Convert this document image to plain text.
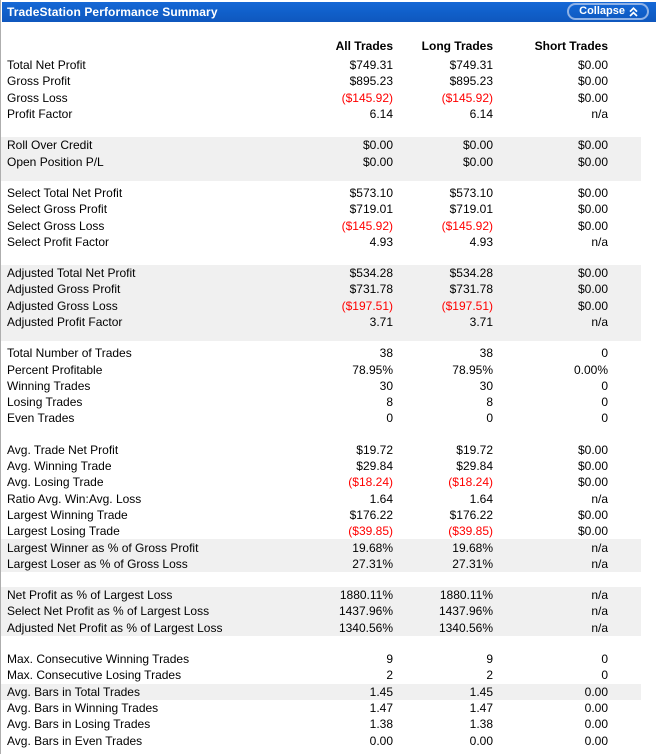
TradeStation Performance Summary	Collapse
All Trades	Long Trades	Short Trades
Total Net Profit	$749.31	$749.31	$0.00
Gross Profit	$895.23	$895.23	$0.00
Gross Loss	($145.92)	($145.92)	$0.00
Profit Factor	6.14	6.14	n/a
Roll Over Credit	$0.00	$0.00	$0.00
Open Position P/L	$0.00	$0.00	$0.00
Select Total Net Profit	$573.10	$573.10	$0.00
Select Gross Profit	$719.01	$719.01	$0.00
Select Gross Loss	($145.92)	($145.92)	$0.00
Select Profit Factor	4.93	4.93	n/a
Adjusted Total Net Profit	$534.28	$534.28	$0.00
Adjusted Gross Profit	$731.78	$731.78	$0.00
Adjusted Gross Loss	($197.51)	($197.51)	$0.00
Adjusted Profit Factor	3.71	3.71	n/a
Total Number of Trades	38	38	0
Percent Profitable	78.95%	78.95%	0.00%
Winning Trades	30	30	0
Losing Trades	8	8	0
Even Trades	0	0	0
Avg. Trade Net Profit	$19.72	$19.72	$0.00
Avg. Winning Trade	$29.84	$29.84	$0.00
Avg. Losing Trade	($18.24)	($18.24)	$0.00
Ratio Avg. Win:Avg. Loss	1.64	1.64	n/a
Largest Winning Trade	$176.22	$176.22	$0.00
Largest Losing Trade	($39.85)	($39.85)	$0.00
Largest Winner as % of Gross Profit	19.68%	19.68%	n/a
Largest Loser as % of Gross Loss	27.31%	27.31%	n/a
Net Profit as % of Largest Loss	1880.11%	1880.11%	n/a
Select Net Profit as % of Largest Loss	1437.96%	1437.96%	n/a
Adjusted Net Profit as % of Largest Loss	1340.56%	1340.56%	n/a
Max. Consecutive Winning Trades	9	9	0
Max. Consecutive Losing Trades	2	2	0
Avg. Bars in Total Trades	1.45	1.45	0.00
Avg. Bars in Winning Trades	1.47	1.47	0.00
Avg. Bars in Losing Trades	1.38	1.38	0.00
Avg. Bars in Even Trades	0.00	0.00	0.00
